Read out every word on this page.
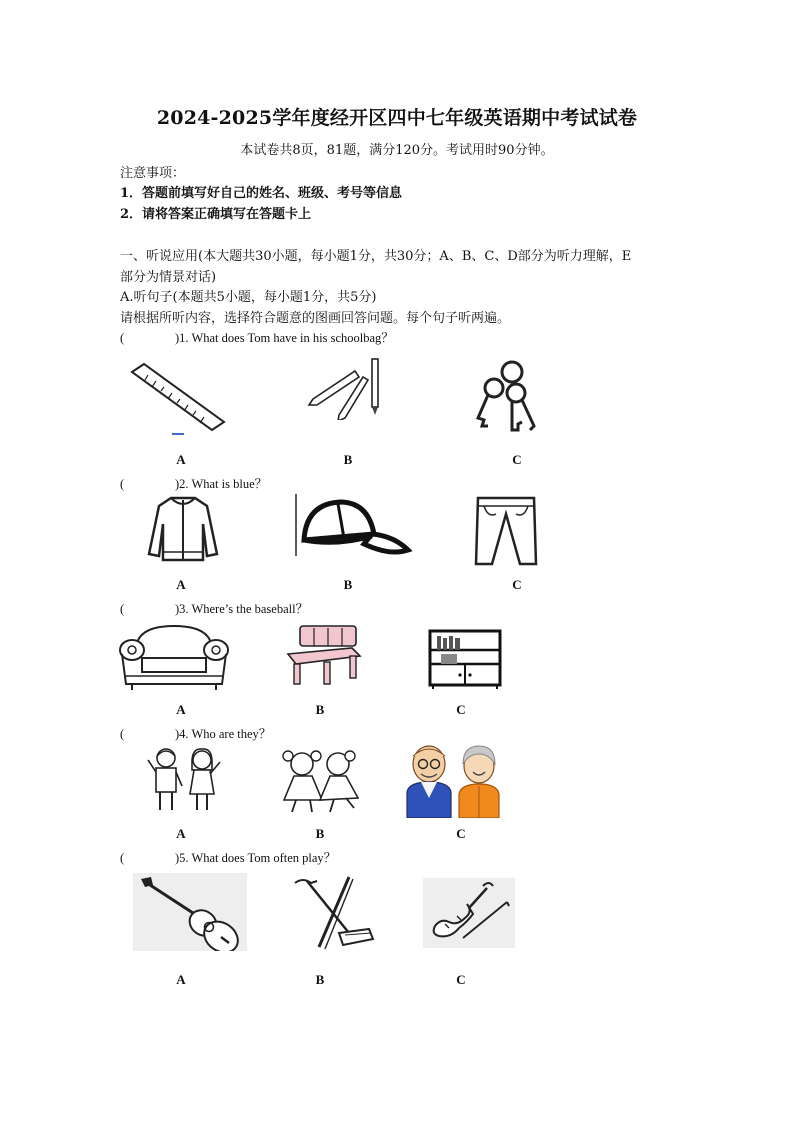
2024-2025学年度经开区四中七年级英语期中考试试卷
本试卷共8页，81题，满分120分。考试用时90分钟。
注意事项：
1．答题前填写好自己的姓名、班级、考号等信息
2．请将答案正确填写在答题卡上
一、听说应用(本大题共30小题，每小题1分，共30分；A、B、C、D部分为听力理解，E
部分为情景对话)
A.听句子(本题共5小题，每小题1分，共5分)
请根据所听内容，选择符合题意的图画回答问题。每个句子听两遍。
(	)1. What does Tom have in his schoolbag？
A	B	C
(	)2. What is blue？
A	B	C
(	)3. Where’s the baseball？
A	B	C
(	)4. Who are they？
A	B	C
(	)5. What does Tom often play？
A	B	C
